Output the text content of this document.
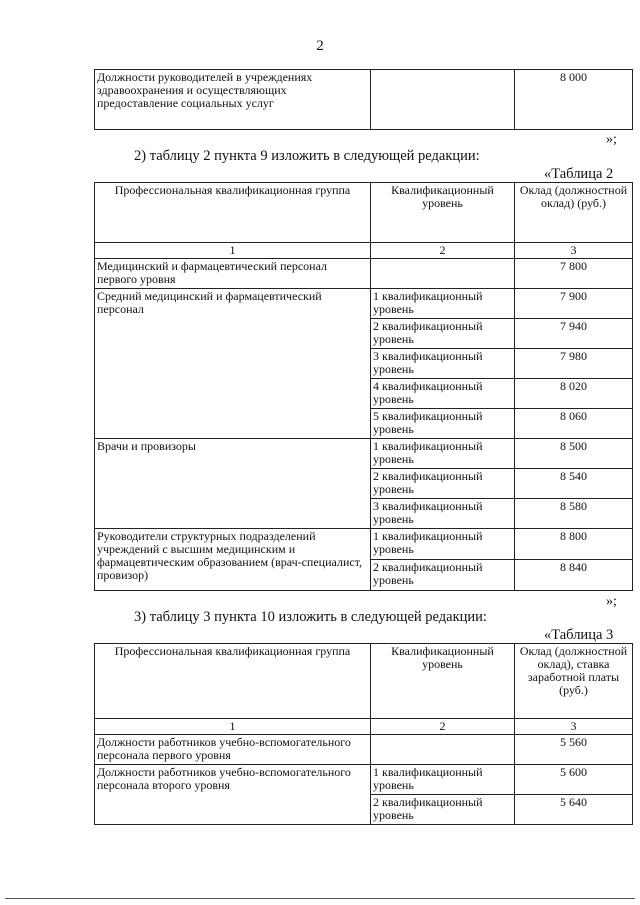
2
Должности руководителей в учреждениях здравоохранения и осуществляющих предоставление социальных услуг		8 000
»;
2) таблицу 2 пункта 9 изложить в следующей редакции:
«Таблица 2
Профессиональная квалификационная группа	Квалификационный уровень	Оклад (должностной оклад) (руб.)
1	2	3
Медицинский и фармацевтический персонал первого уровня		7 800
Средний медицинский и фармацевтический персонал	1 квалификационный уровень	7 900
	2 квалификационный уровень	7 940
	3 квалификационный уровень	7 980
	4 квалификационный уровень	8 020
	5 квалификационный уровень	8 060
Врачи и провизоры	1 квалификационный уровень	8 500
	2 квалификационный уровень	8 540
	3 квалификационный уровень	8 580
Руководители структурных подразделений учреждений с высшим медицинским и фармацевтическим образованием (врач-специалист, провизор)	1 квалификационный уровень	8 800
	2 квалификационный уровень	8 840
»;
3) таблицу 3 пункта 10 изложить в следующей редакции:
«Таблица 3
Профессиональная квалификационная группа	Квалификационный уровень	Оклад (должностной оклад), ставка заработной платы (руб.)
1	2	3
Должности работников учебно-вспомогательного персонала первого уровня		5 560
Должности работников учебно-вспомогательного персонала второго уровня	1 квалификационный уровень	5 600
	2 квалификационный уровень	5 640
